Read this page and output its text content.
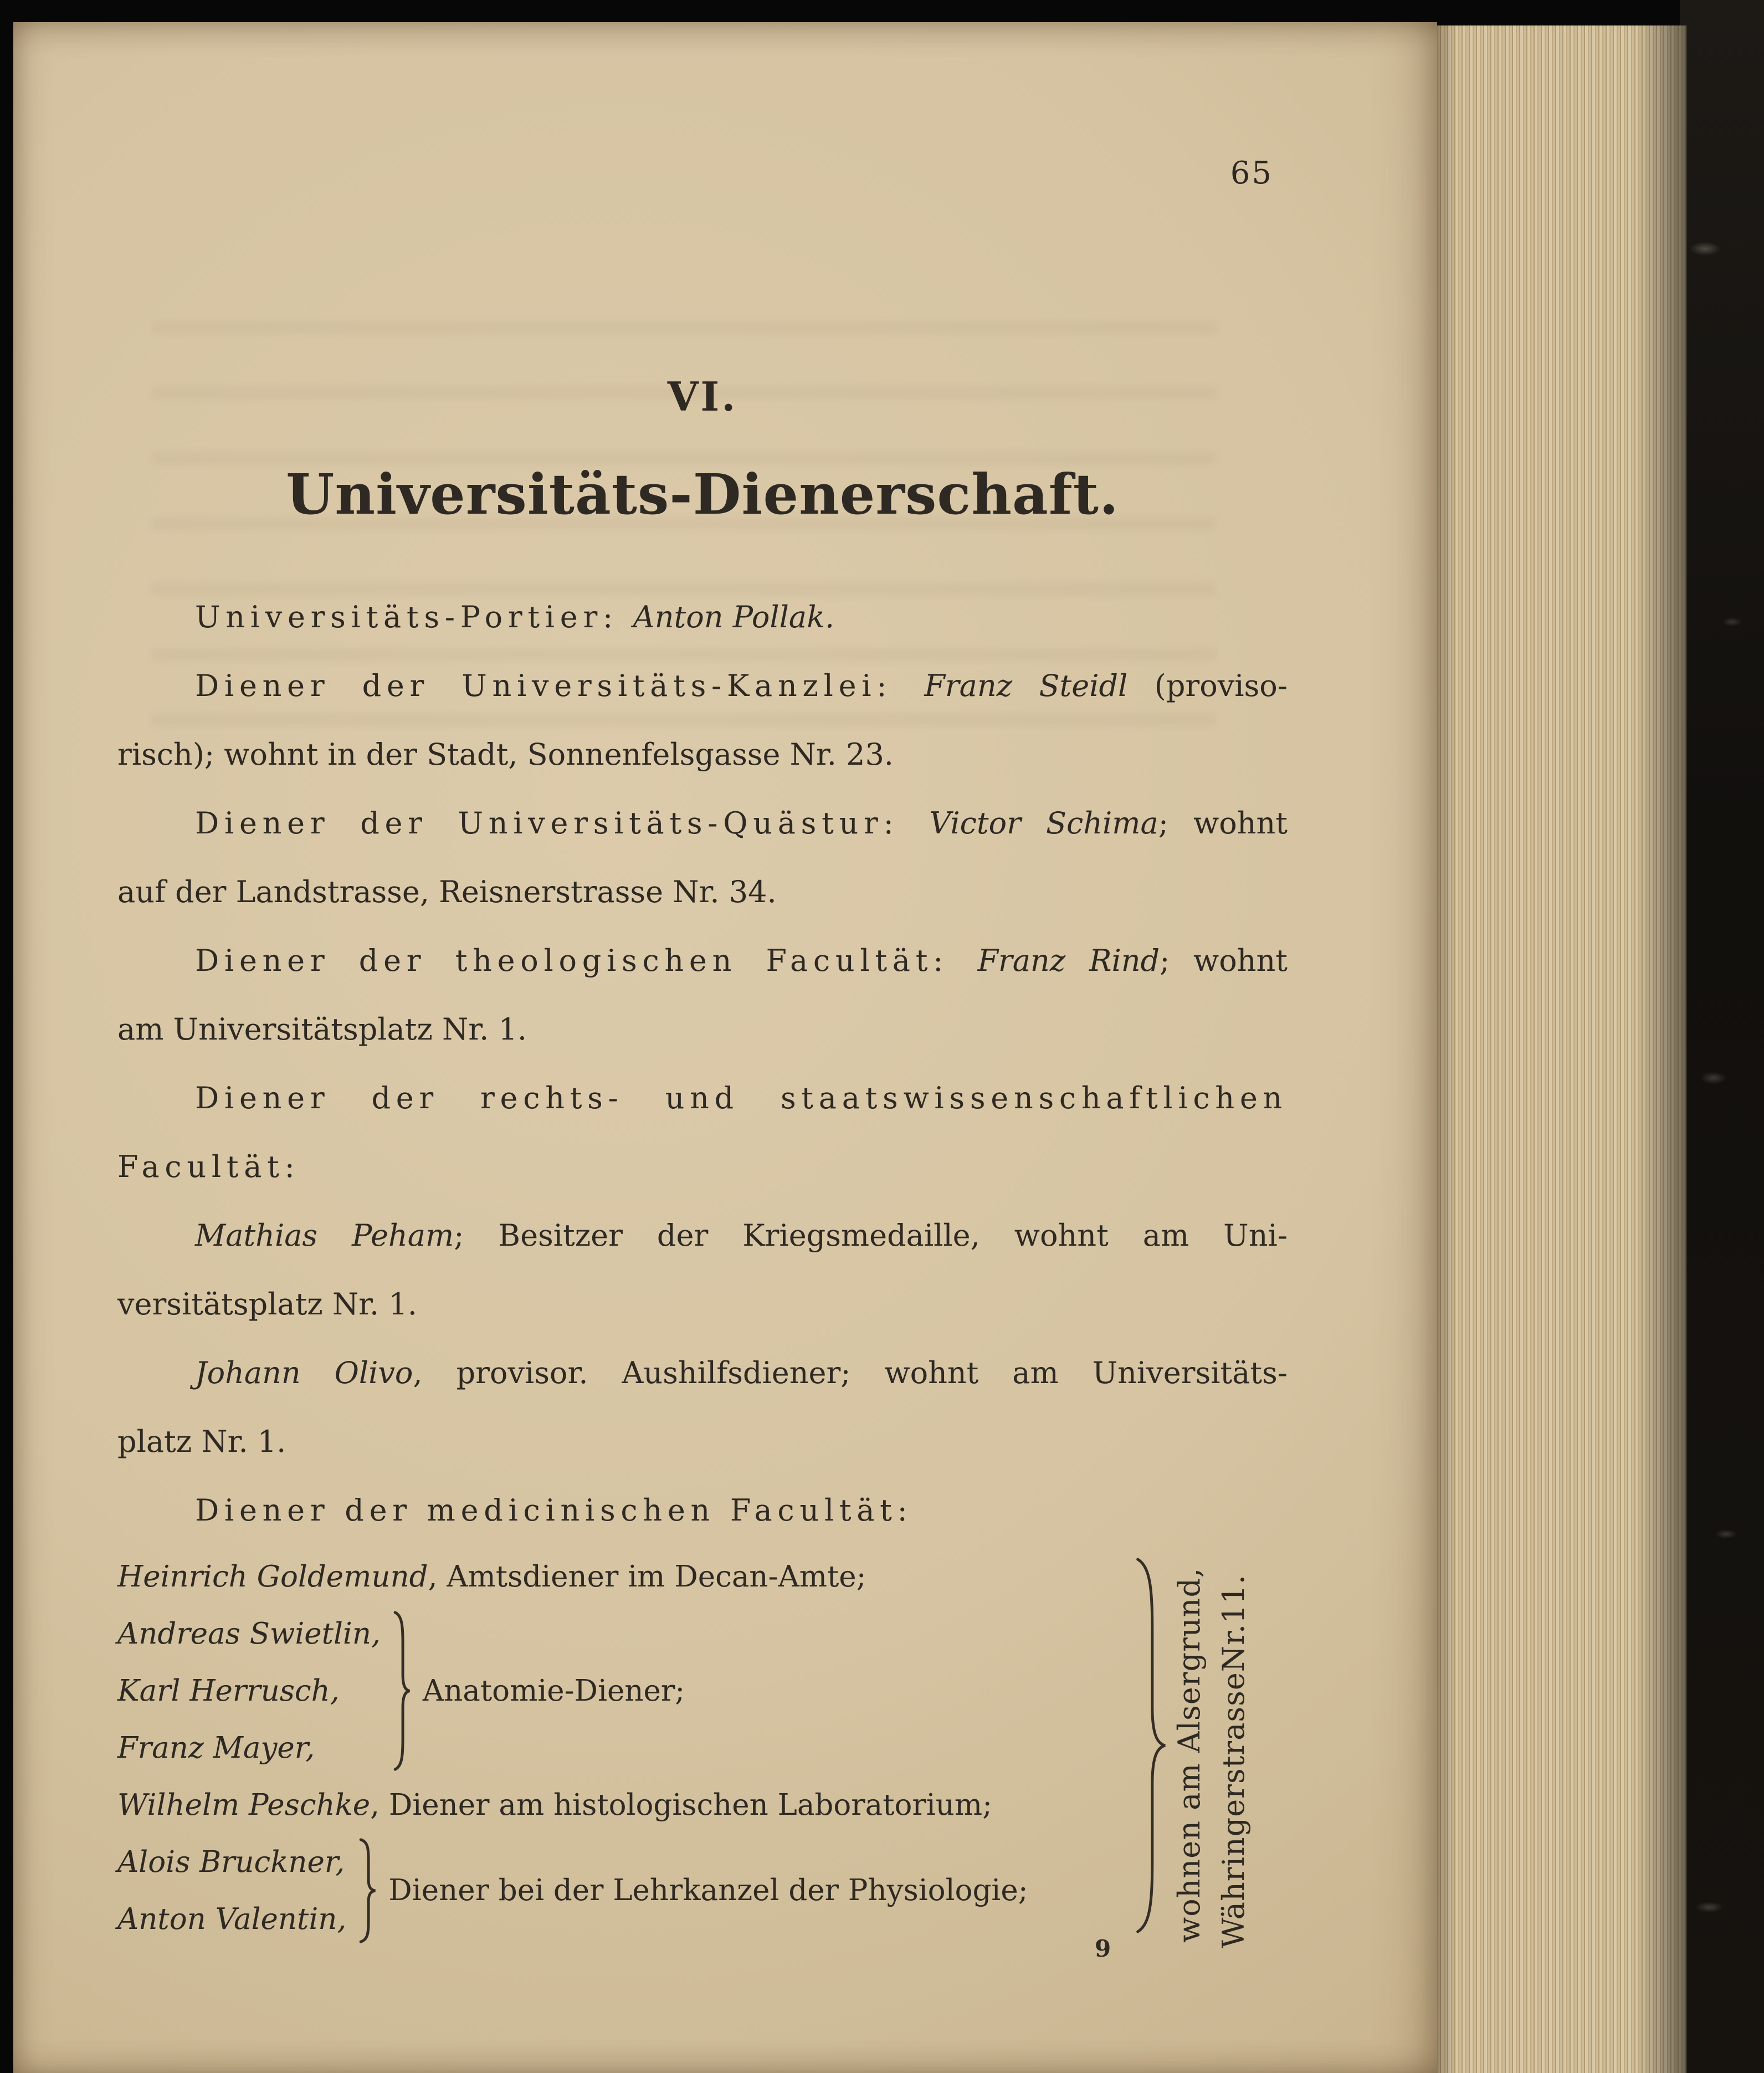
65
VI.
Universitäts-Dienerschaft.
Universitäts-Portier: Anton Pollak.
Diener der Universitäts-Kanzlei: Franz Steidl (proviso-
risch); wohnt in der Stadt, Sonnenfelsgasse Nr. 23.
Diener der Universitäts-Quästur: Victor Schima; wohnt
auf der Landstrasse, Reisnerstrasse Nr. 34.
Diener der theologischen Facultät: Franz Rind; wohnt
am Universitätsplatz Nr. 1.
Diener der rechts- und staatswissenschaftlichen
Facultät:
Mathias Peham; Besitzer der Kriegsmedaille, wohnt am Uni-
versitätsplatz Nr. 1.
Johann Olivo, provisor. Aushilfsdiener; wohnt am Universitäts-
platz Nr. 1.
Diener der medicinischen Facultät:
Heinrich Goldemund, Amtsdiener im Decan-Amte;
Andreas Swietlin,
Karl Herrusch,
Franz Mayer,
Anatomie-Diener;
Wilhelm Peschke, Diener am histologischen Laboratorium;
Alois Bruckner,
Anton Valentin,
Diener bei der Lehrkanzel der Physiologie;	wohnen am Alsergrund, WähringerstrasseNr.11.
9
